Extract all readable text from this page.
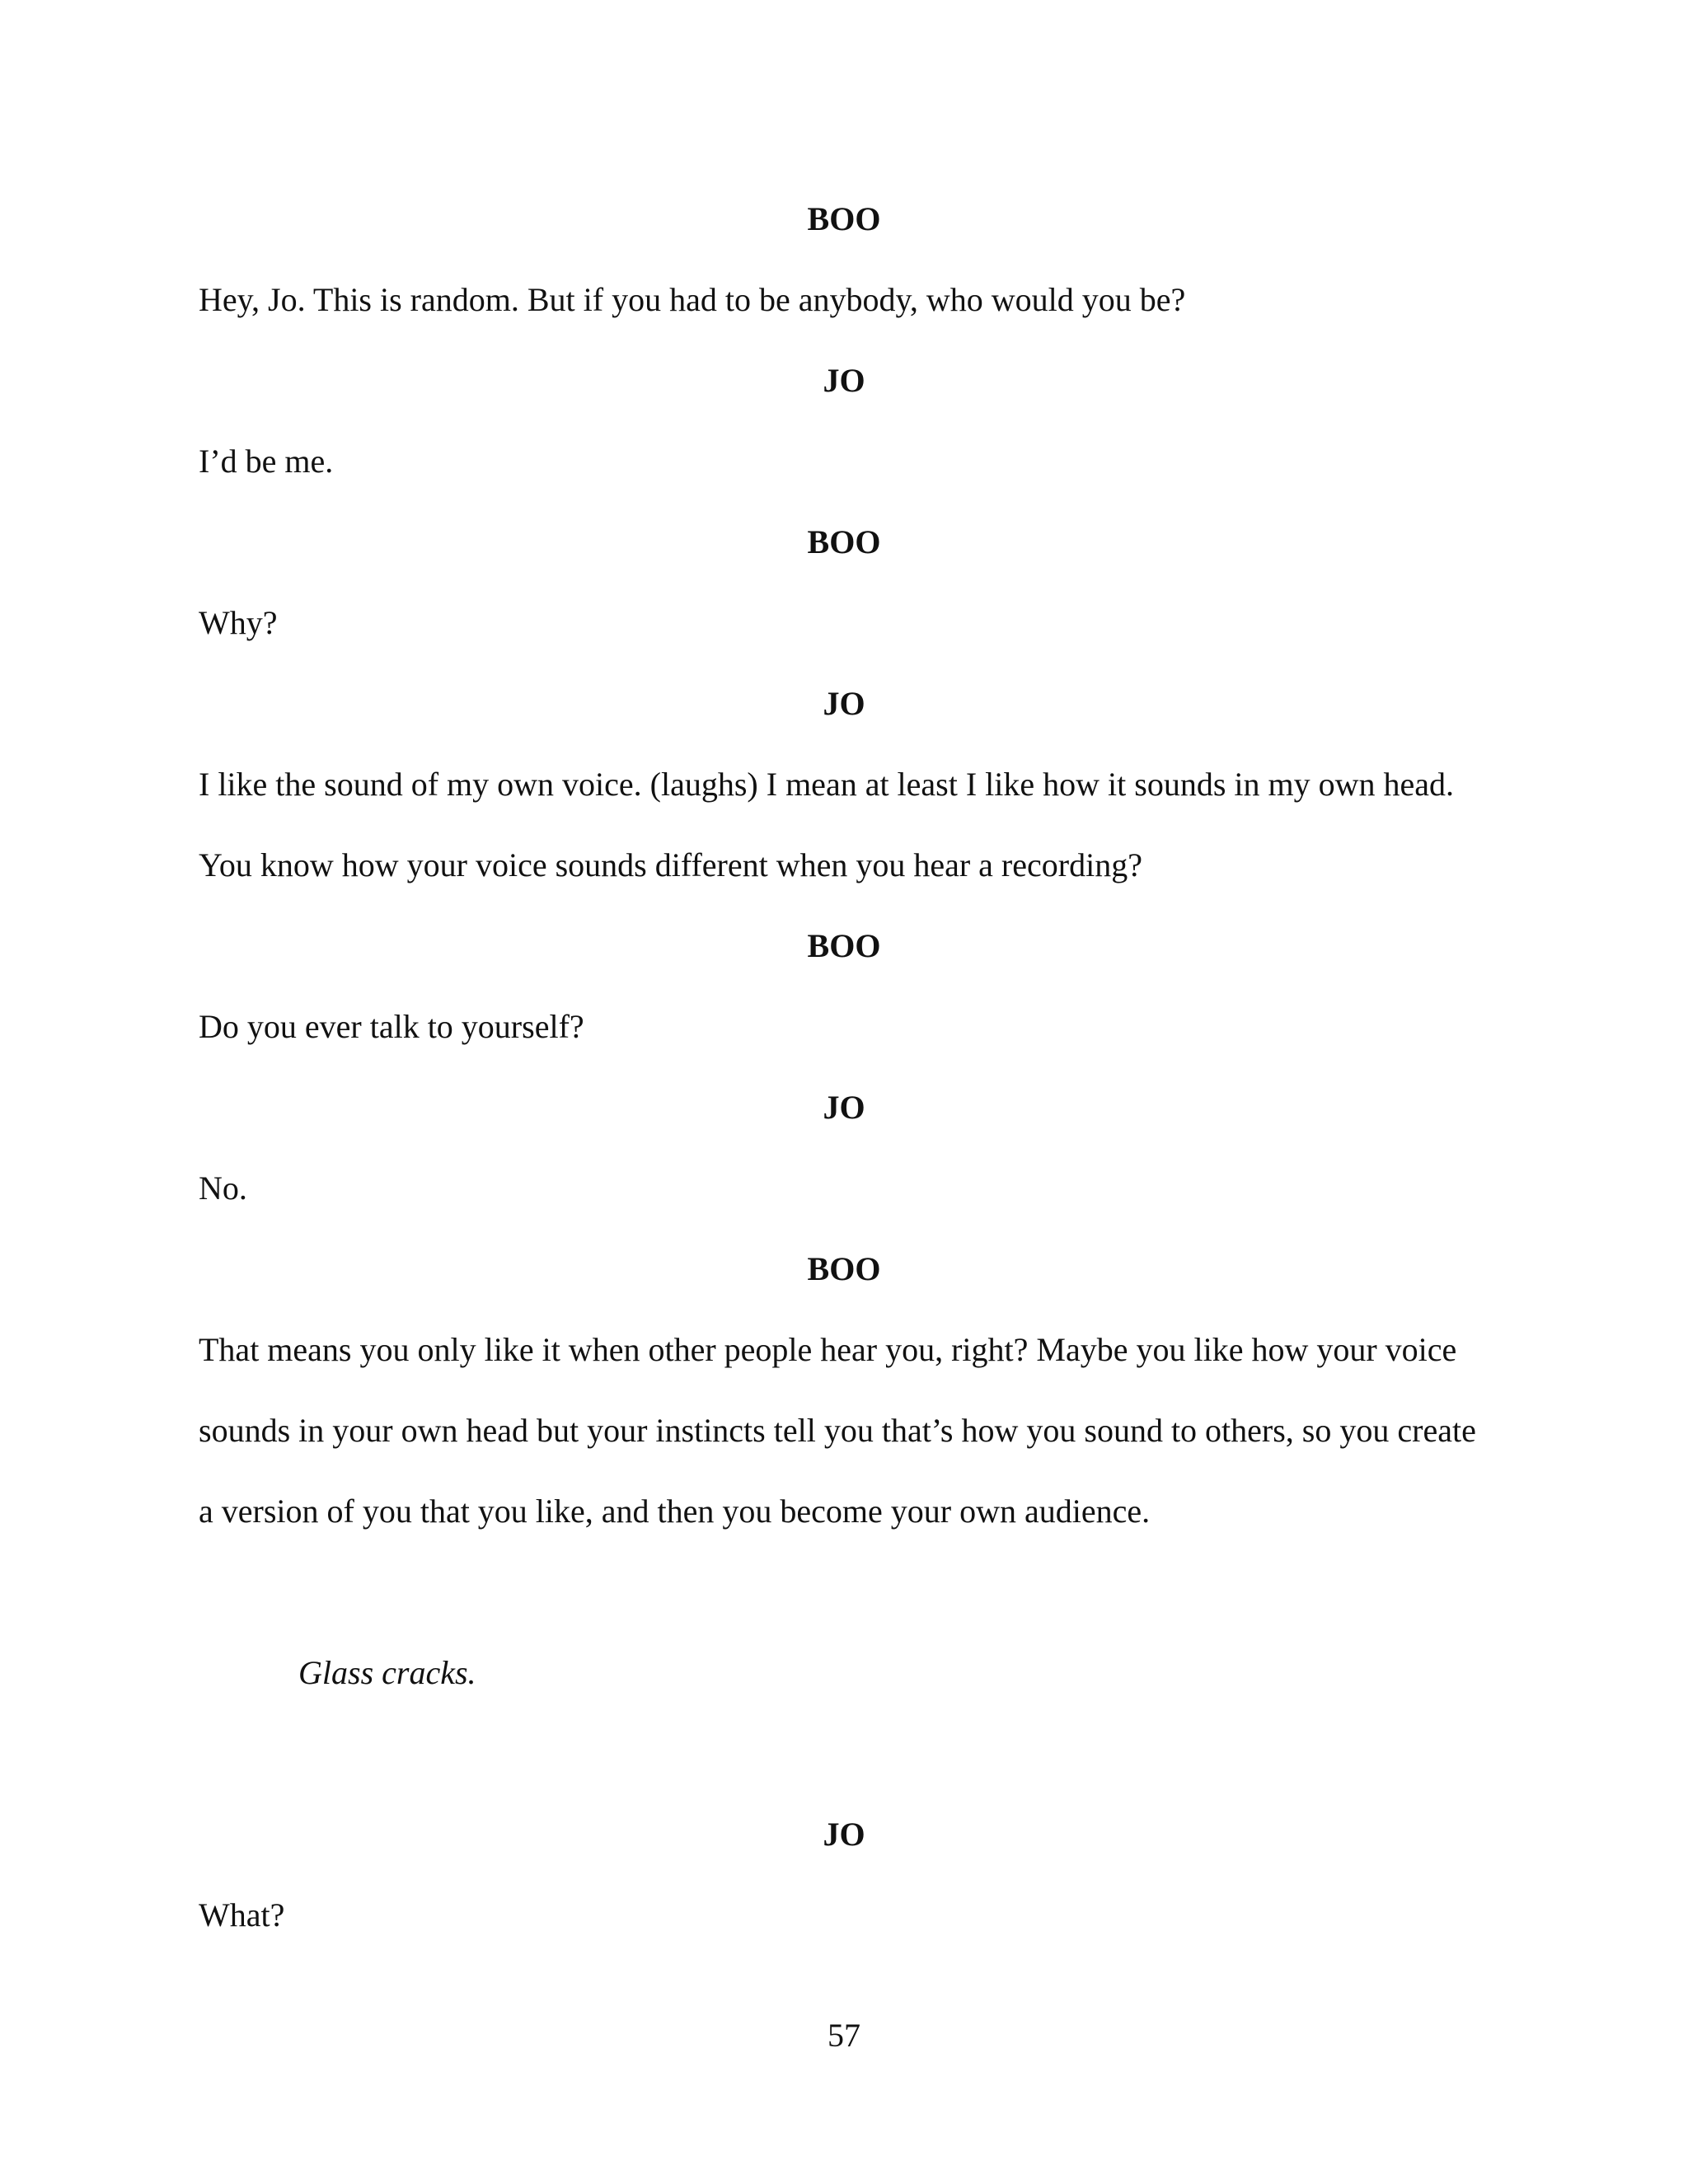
BOO
Hey, Jo. This is random. But if you had to be anybody, who would you be?
JO
I’d be me.
BOO
Why?
JO
I like the sound of my own voice. (laughs) I mean at least I like how it sounds in my own head.
You know how your voice sounds different when you hear a recording?
BOO
Do you ever talk to yourself?
JO
No.
BOO
That means you only like it when other people hear you, right? Maybe you like how your voice
sounds in your own head but your instincts tell you that’s how you sound to others, so you create
a version of you that you like, and then you become your own audience.
Glass cracks.
JO
What?
57
